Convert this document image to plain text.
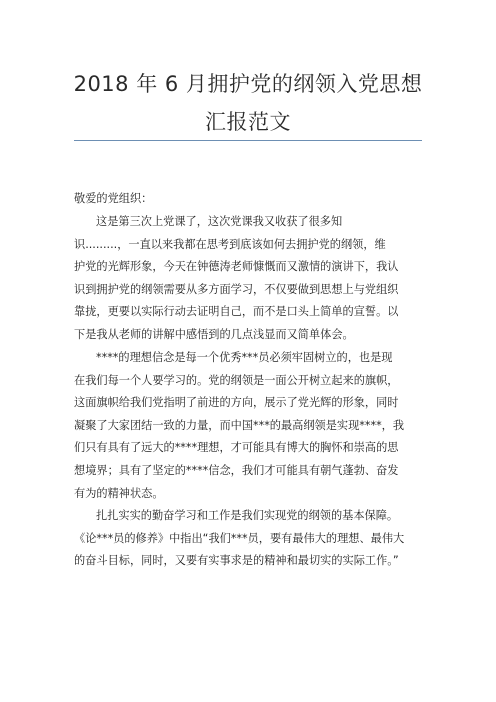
2018 年 6 月拥护党的纲领入党思想
汇报范文
敬爱的党组织：
这是第三次上党课了，这次党课我又收获了很多知
识.........，一直以来我都在思考到底该如何去拥护党的纲领，维
护党的光辉形象，今天在钟德涛老师慷慨而又激情的演讲下，我认
识到拥护党的纲领需要从多方面学习，不仅要做到思想上与党组织
靠拢，更要以实际行动去证明自己，而不是口头上简单的宣誓。以
下是我从老师的讲解中感悟到的几点浅显而又简单体会。
****的理想信念是每一个优秀***员必须牢固树立的，也是现
在我们每一个人要学习的。党的纲领是一面公开树立起来的旗帜，
这面旗帜给我们党指明了前进的方向，展示了党光辉的形象，同时
凝聚了大家团结一致的力量，而中国***的最高纲领是实现****，我
们只有具有了远大的****理想，才可能具有博大的胸怀和崇高的思
想境界；具有了坚定的****信念，我们才可能具有朝气蓬勃、奋发
有为的精神状态。
扎扎实实的勤奋学习和工作是我们实现党的纲领的基本保障。
《论***员的修养》中指出“我们***员，要有最伟大的理想、最伟大
的奋斗目标，同时，又要有实事求是的精神和最切实的实际工作。”
